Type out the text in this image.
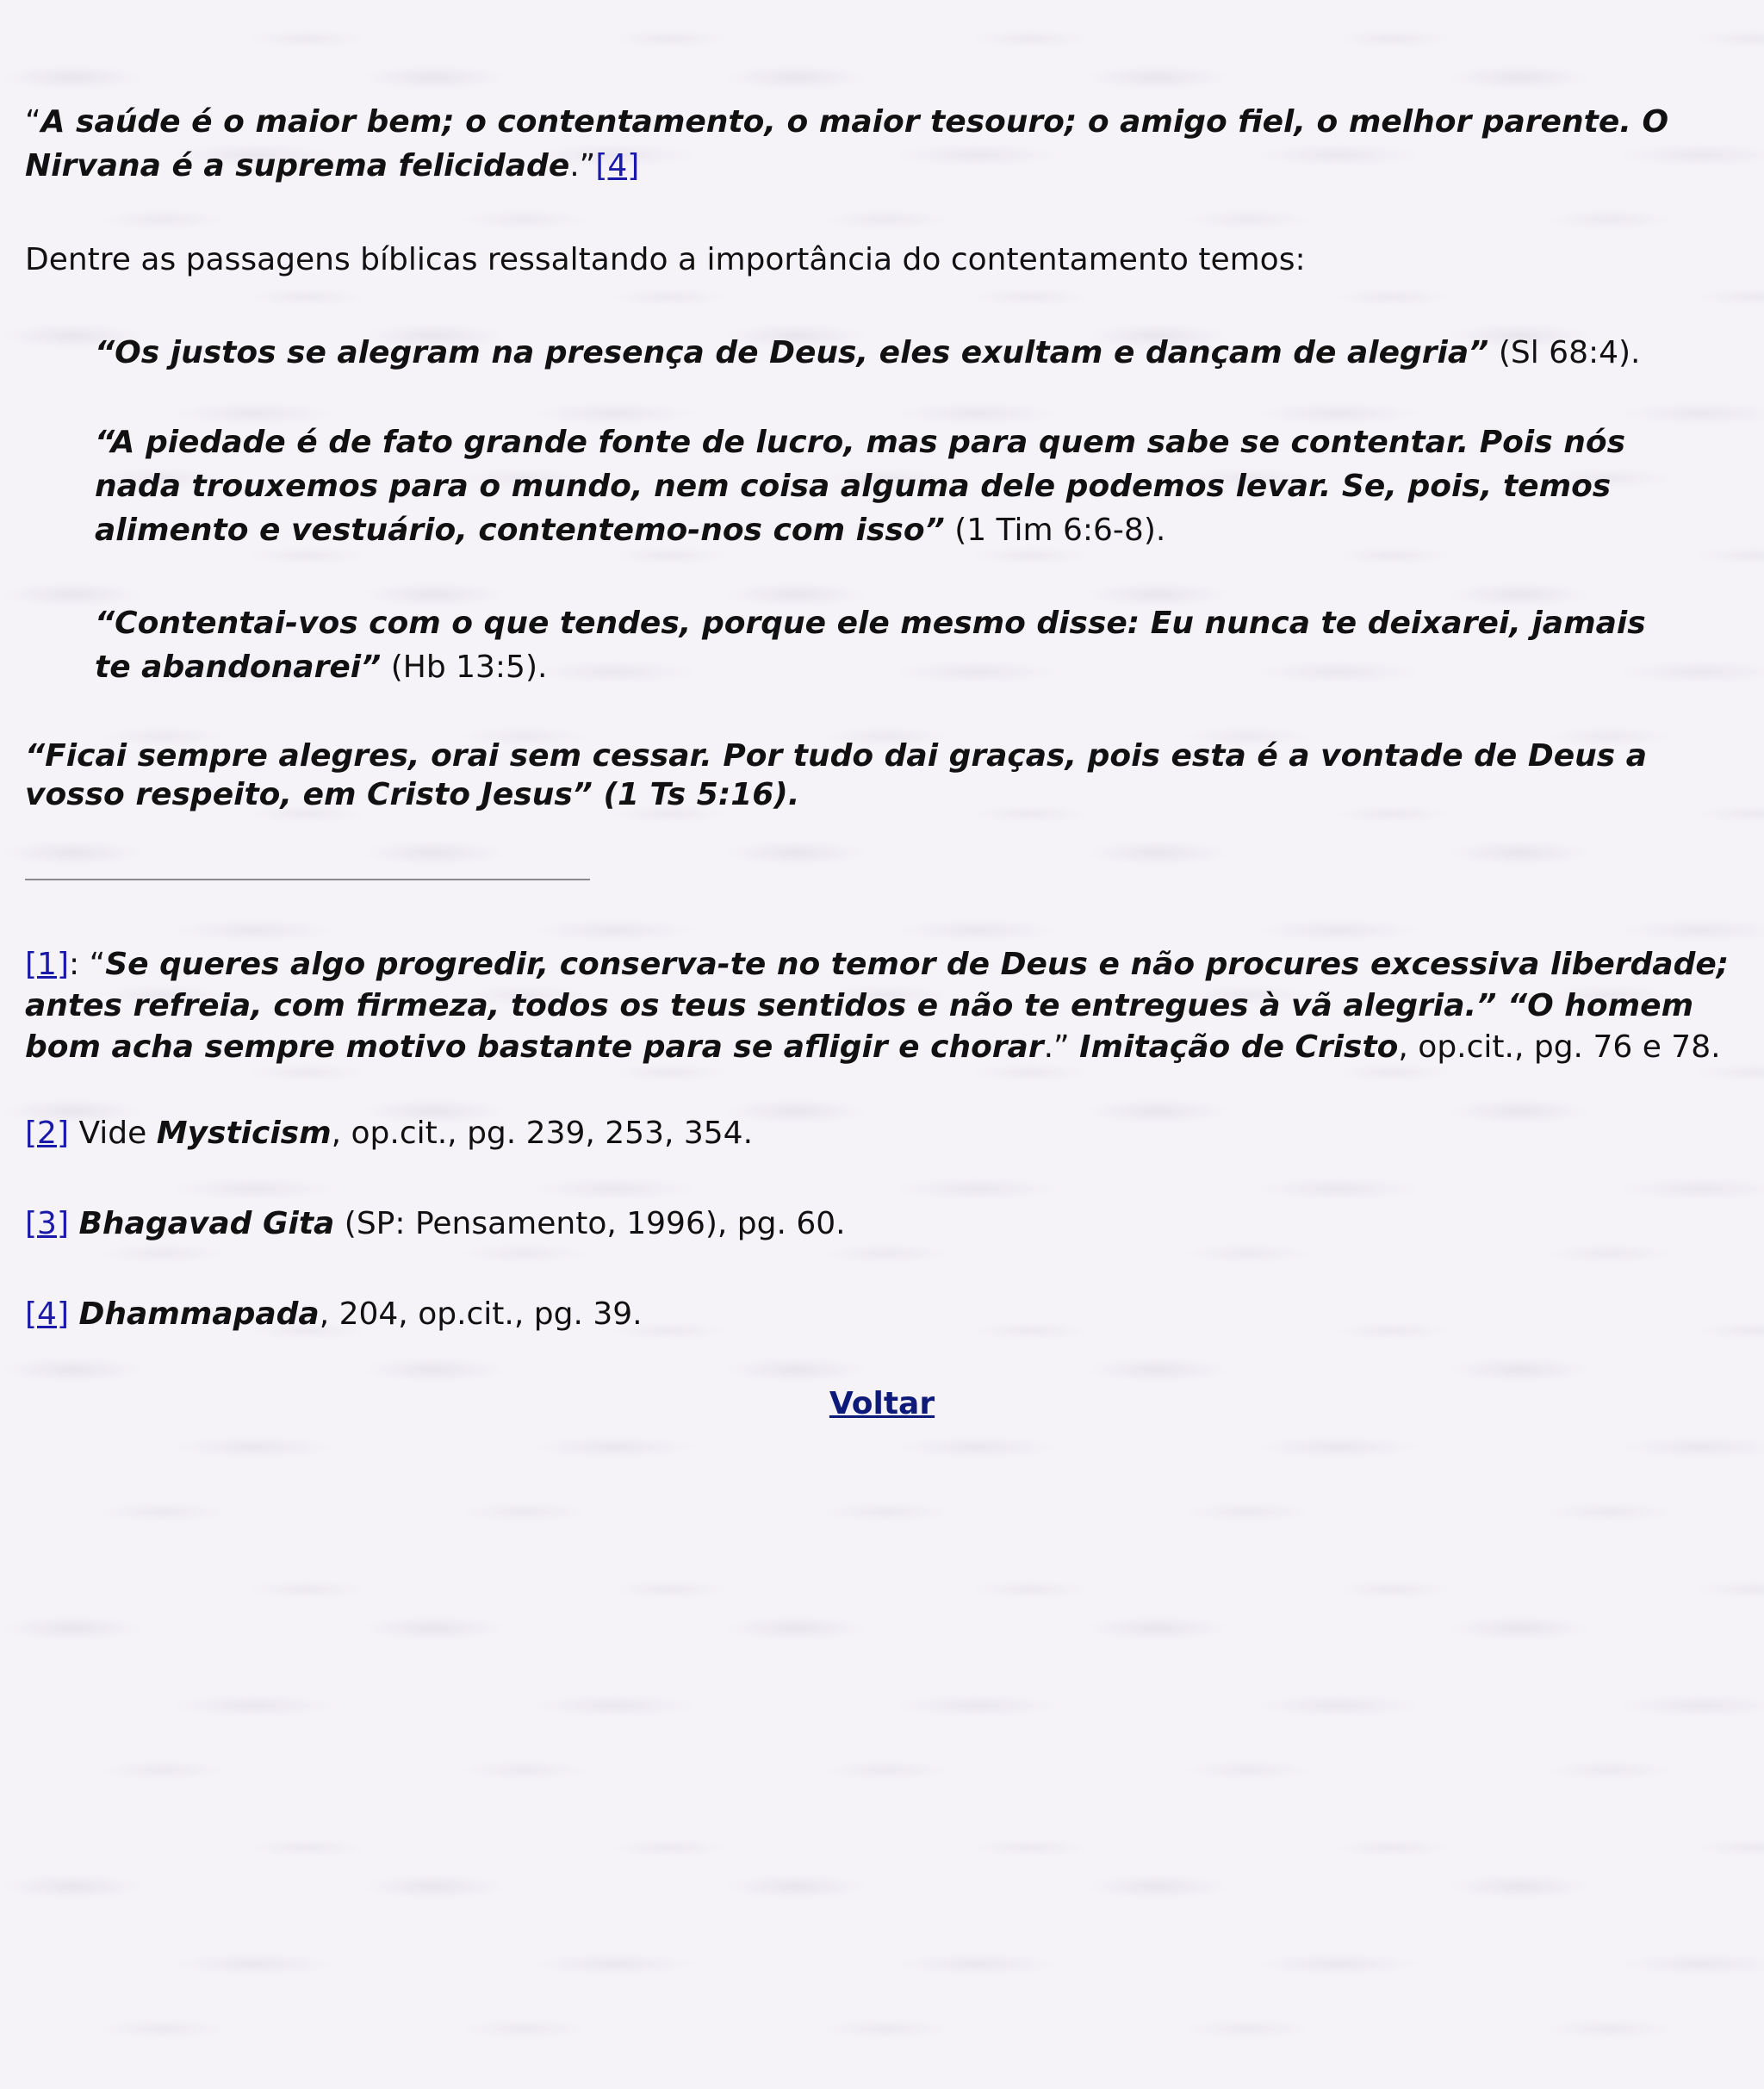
“A saúde é o maior bem; o contentamento, o maior tesouro; o amigo fiel, o melhor parente. O Nirvana é a suprema felicidade.”[4]

Dentre as passagens bíblicas ressaltando a importância do contentamento temos:

“Os justos se alegram na presença de Deus, eles exultam e dançam de alegria” (Sl 68:4).

“A piedade é de fato grande fonte de lucro, mas para quem sabe se contentar. Pois nós nada trouxemos para o mundo, nem coisa alguma dele podemos levar. Se, pois, temos alimento e vestuário, contentemo-nos com isso” (1 Tim 6:6-8).

“Contentai-vos com o que tendes, porque ele mesmo disse: Eu nunca te deixarei, jamais te abandonarei” (Hb 13:5).

“Ficai sempre alegres, orai sem cessar. Por tudo dai graças, pois esta é a vontade de Deus a vosso respeito, em Cristo Jesus” (1 Ts 5:16).

[1]: “Se queres algo progredir, conserva-te no temor de Deus e não procures excessiva liberdade; antes refreia, com firmeza, todos os teus sentidos e não te entregues à vã alegria.” “O homem bom acha sempre motivo bastante para se afligir e chorar.” Imitação de Cristo, op.cit., pg. 76 e 78.

[2] Vide Mysticism, op.cit., pg. 239, 253, 354.

[3] Bhagavad Gita (SP: Pensamento, 1996), pg. 60.

[4] Dhammapada, 204, op.cit., pg. 39.

Voltar
